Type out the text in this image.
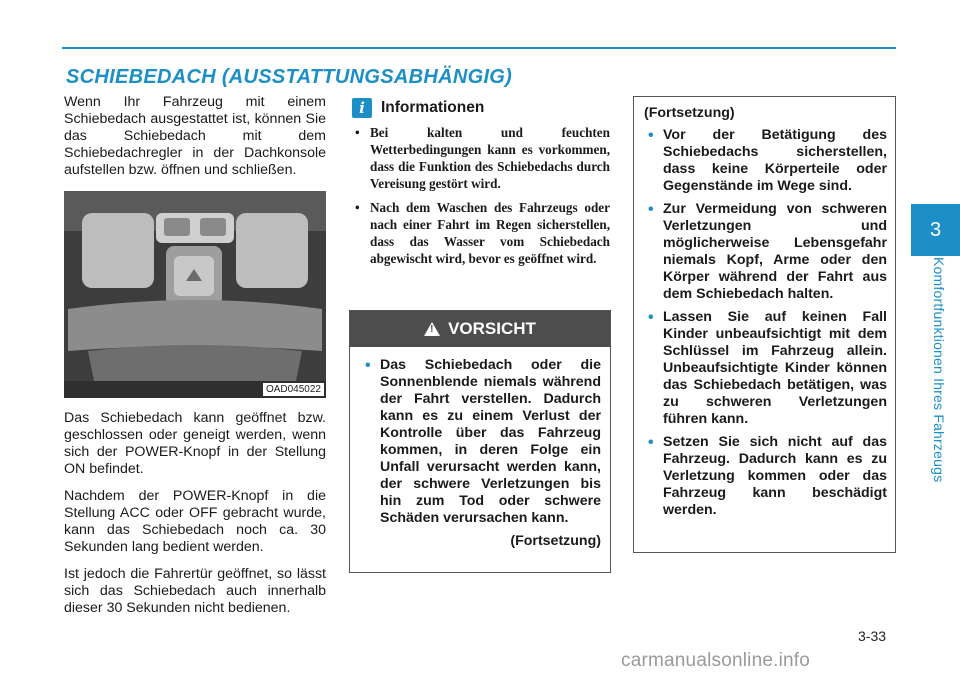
SCHIEBEDACH (AUSSTATTUNGSABHÄNGIG)
3
Komfortfunktionen Ihres Fahrzeugs

Wenn Ihr Fahrzeug mit einem Schiebedach ausgestattet ist, können Sie das Schiebedach mit dem Schiebedachregler in der Dachkonsole aufstellen bzw. öffnen und schließen.

OAD045022

Das Schiebedach kann geöffnet bzw. geschlossen oder geneigt werden, wenn sich der POWER-Knopf in der Stellung ON befindet.

Nachdem der POWER-Knopf in die Stellung ACC oder OFF gebracht wurde, kann das Schiebedach noch ca. 30 Sekunden lang bedient werden.

Ist jedoch die Fahrertür geöffnet, so lässt sich das Schiebedach auch innerhalb dieser 30 Sekunden nicht bedienen.

i	Informationen
• Bei kalten und feuchten Wetterbedingungen kann es vorkommen, dass die Funktion des Schiebedachs durch Vereisung gestört wird.
• Nach dem Waschen des Fahrzeugs oder nach einer Fahrt im Regen sicherstellen, dass das Wasser vom Schiebedach abgewischt wird, bevor es geöffnet wird.
! VORSICHT
• Das Schiebedach oder die Sonnenblende niemals während der Fahrt verstellen. Dadurch kann es zu einem Verlust der Kontrolle über das Fahrzeug kommen, in deren Folge ein Unfall verursacht werden kann, der schwere Verletzungen bis hin zum Tod oder schwere Schäden verursachen kann.
(Fortsetzung)
(Fortsetzung)
• Vor der Betätigung des Schiebedachs sicherstellen, dass keine Körperteile oder Gegenstände im Wege sind.
• Zur Vermeidung von schweren Verletzungen und möglicherweise Lebensgefahr niemals Kopf, Arme oder den Körper während der Fahrt aus dem Schiebedach halten.
• Lassen Sie auf keinen Fall Kinder unbeaufsichtigt mit dem Schlüssel im Fahrzeug allein. Unbeaufsichtigte Kinder können das Schiebedach betätigen, was zu schweren Verletzungen führen kann.
• Setzen Sie sich nicht auf das Fahrzeug. Dadurch kann es zu Verletzung kommen oder das Fahrzeug kann beschädigt werden.
3-33
carmanualsonline.info
